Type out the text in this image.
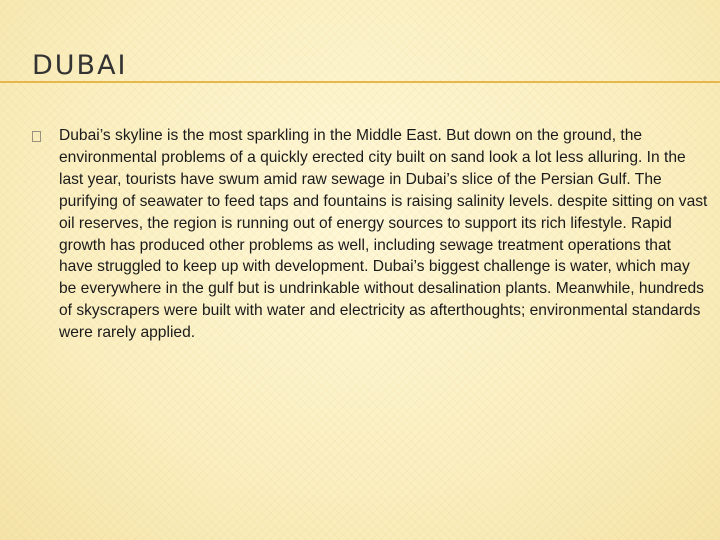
DUBAI

Dubai’s skyline is the most sparkling in the Middle East. But down on the ground, the environmental problems of a quickly erected city built on sand look a lot less alluring. In the last year, tourists have swum amid raw sewage in Dubai’s slice of the Persian Gulf. The purifying of seawater to feed taps and fountains is raising salinity levels. despite sitting on vast oil reserves, the region is running out of energy sources to support its rich lifestyle. Rapid growth has produced other problems as well, including sewage treatment operations that have struggled to keep up with development. Dubai’s biggest challenge is water, which may be everywhere in the gulf but is undrinkable without desalination plants. Meanwhile, hundreds of skyscrapers were built with water and electricity as afterthoughts; environmental standards were rarely applied.
